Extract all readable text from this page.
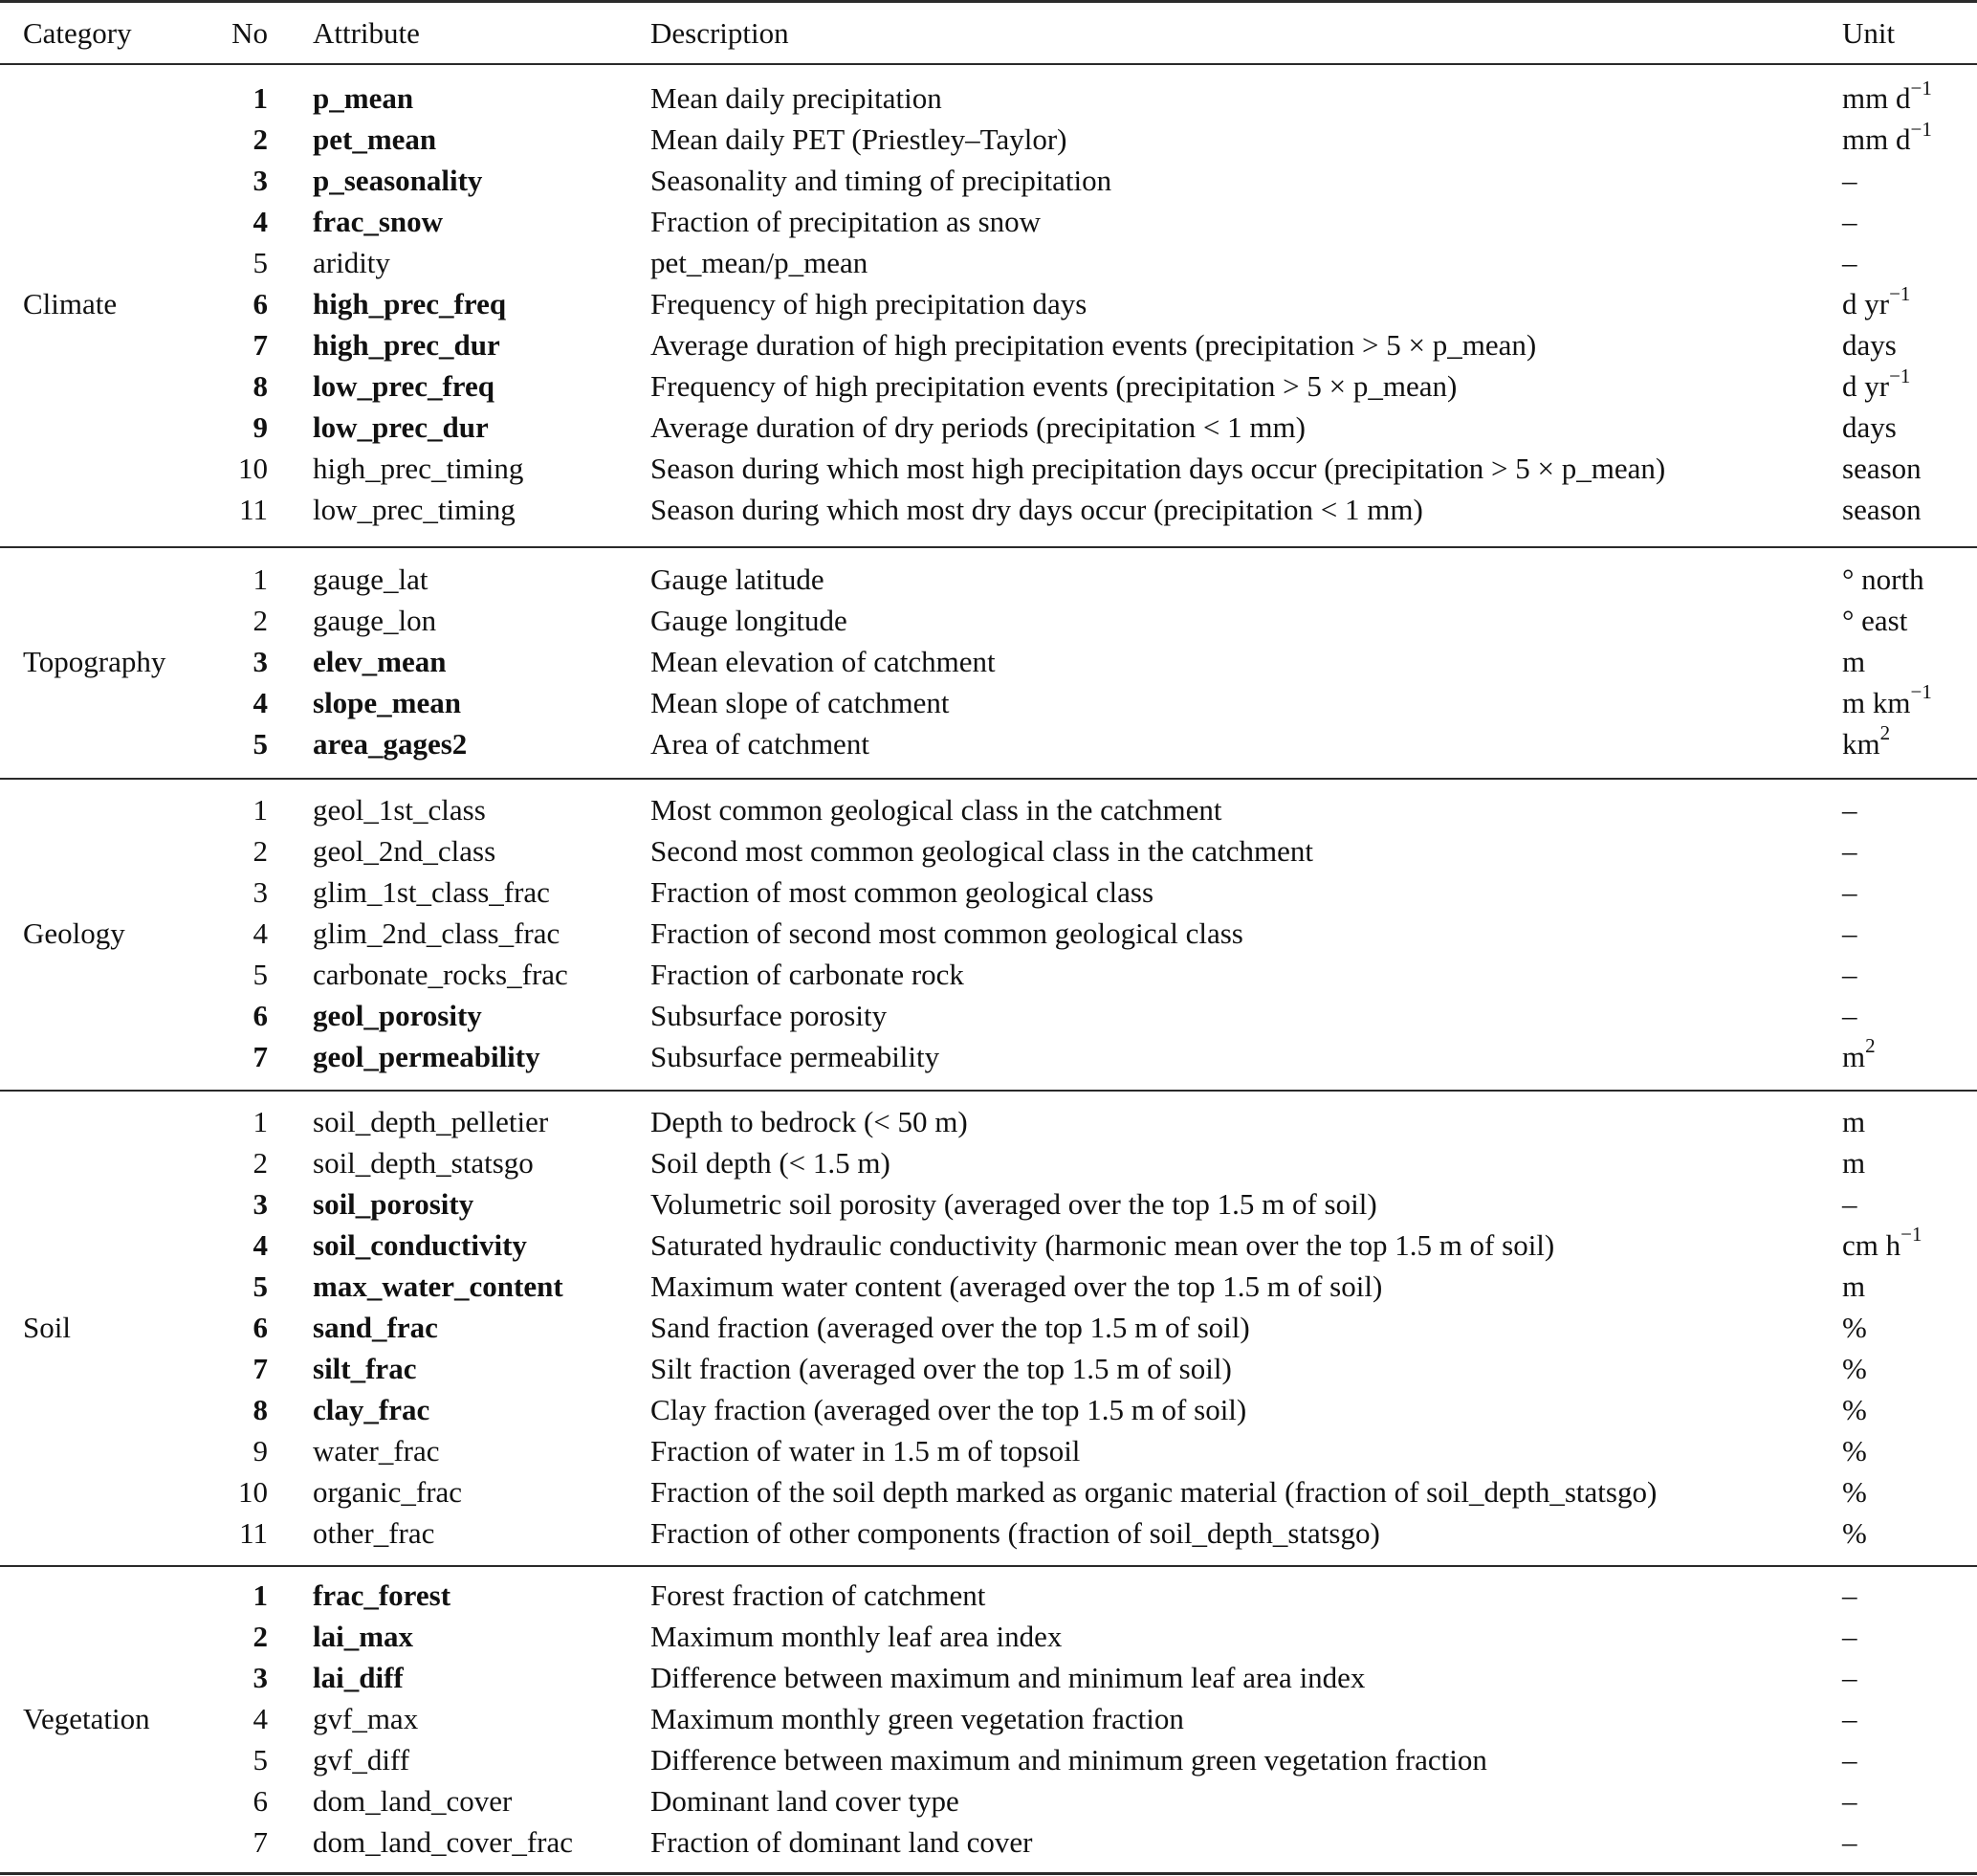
Category	No Attribute	Description	Unit
1 p_mean	Mean daily precipitation	mm $d^{-1}$
2 pet_mean	Mean daily PET (Priestley–Taylor)	mm $d^{-1}$
3 p_seasonality	Seasonality and timing of precipitation	–
4 frac_snow	Fraction of precipitation as snow	–
5 aridity	pet_mean/p_mean	–
Climate	6 high_prec_freq	Frequency of high precipitation days	d $yr^{-1}$
7 high_prec_dur	Average duration of high precipitation events (precipitation > 5 × p_mean)	days
8 low_prec_freq	Frequency of high precipitation events (precipitation > 5 × p_mean)	d $yr^{-1}$
9 low_prec_dur	Average duration of dry periods (precipitation < 1 mm)	days
10 high_prec_timing	Season during which most high precipitation days occur (precipitation > 5 × p_mean)	season
11 low_prec_timing	Season during which most dry days occur (precipitation < 1 mm)	season
1 gauge_lat	Gauge latitude	° north
2 gauge_lon	Gauge longitude	° east
Topography	3 elev_mean	Mean elevation of catchment	m
4 slope_mean	Mean slope of catchment	m $km^{-1}$
5 area_gages2	Area of catchment	$km^2$
1 geol_1st_class	Most common geological class in the catchment	–
2 geol_2nd_class	Second most common geological class in the catchment	–
3 glim_1st_class_frac	Fraction of most common geological class	–
Geology	4 glim_2nd_class_frac	Fraction of second most common geological class	–
5 carbonate_rocks_frac	Fraction of carbonate rock	–
6 geol_porosity	Subsurface porosity	–
7 geol_permeability	Subsurface permeability	$m^2$
1 soil_depth_pelletier	Depth to bedrock (< 50 m)	m
2 soil_depth_statsgo	Soil depth (< 1.5 m)	m
3 soil_porosity	Volumetric soil porosity (averaged over the top 1.5 m of soil)	–
4 soil_conductivity	Saturated hydraulic conductivity (harmonic mean over the top 1.5 m of soil)	cm $h^{-1}$
5 max_water_content	Maximum water content (averaged over the top 1.5 m of soil)	m
Soil	6 sand_frac	Sand fraction (averaged over the top 1.5 m of soil)	%
7 silt_frac	Silt fraction (averaged over the top 1.5 m of soil)	%
8 clay_frac	Clay fraction (averaged over the top 1.5 m of soil)	%
9 water_frac	Fraction of water in 1.5 m of topsoil	%
10 organic_frac	Fraction of the soil depth marked as organic material (fraction of soil_depth_statsgo)	%
11 other_frac	Fraction of other components (fraction of soil_depth_statsgo)	%
1 frac_forest	Forest fraction of catchment	–
2 lai_max	Maximum monthly leaf area index	–
3 lai_diff	Difference between maximum and minimum leaf area index	–
Vegetation	4 gvf_max	Maximum monthly green vegetation fraction	–
5 gvf_diff	Difference between maximum and minimum green vegetation fraction	–
6 dom_land_cover	Dominant land cover type	–
7 dom_land_cover_frac	Fraction of dominant land cover	–
